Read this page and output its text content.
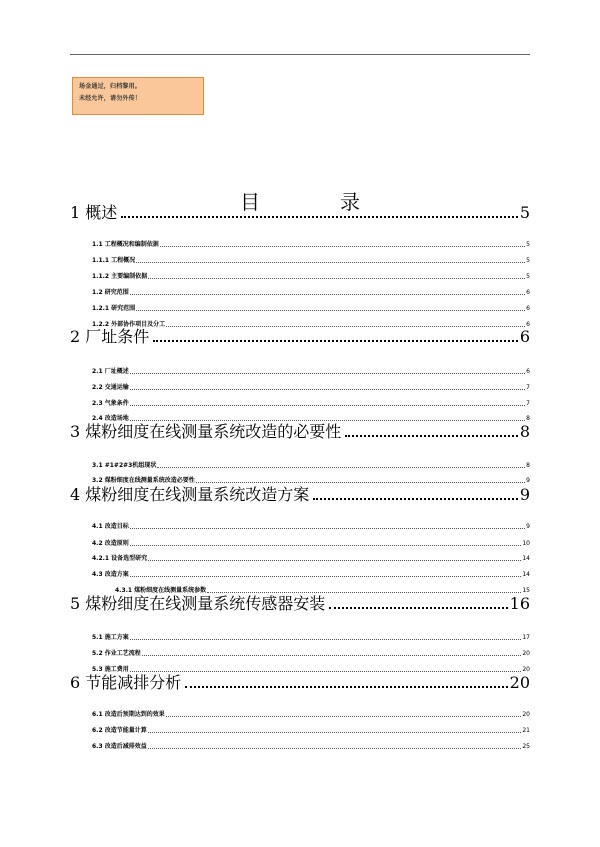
场金通过，归档黎用。
未经允许，请勿外传！
目	录
1 概述	5
1.1 工程概况和编制依据	5
1.1.1 工程概况	5
1.1.2 主要编制依据	5
1.2 研究范围	6
1.2.1 研究范围	6
1.2.2 外部协作项目及分工	6
2 厂址条件	6
2.1 厂址概述	6
2.2 交通运输	7
2.3 气象条件	7
2.4 改造场地	8
3 煤粉细度在线测量系统改造的必要性	8
3.1 #1#2#3机组现状	8
3.2 煤粉细度在线测量系统改造必要性	9
4 煤粉细度在线测量系统改造方案	9
4.1 改造目标	9
4.2 改造原则	10
4.2.1 设备选型研究	14
4.3 改造方案	14
4.3.1 煤粉细度在线测量系统参数	15
5 煤粉细度在线测量系统传感器安装	16
5.1 施工方案	17
5.2 作业工艺流程	20
5.3 施工费用	20
6 节能减排分析	20
6.1 改造后预期达到的效果	20
6.2 改造节能量计算	21
6.3 改造后减排效益	25
